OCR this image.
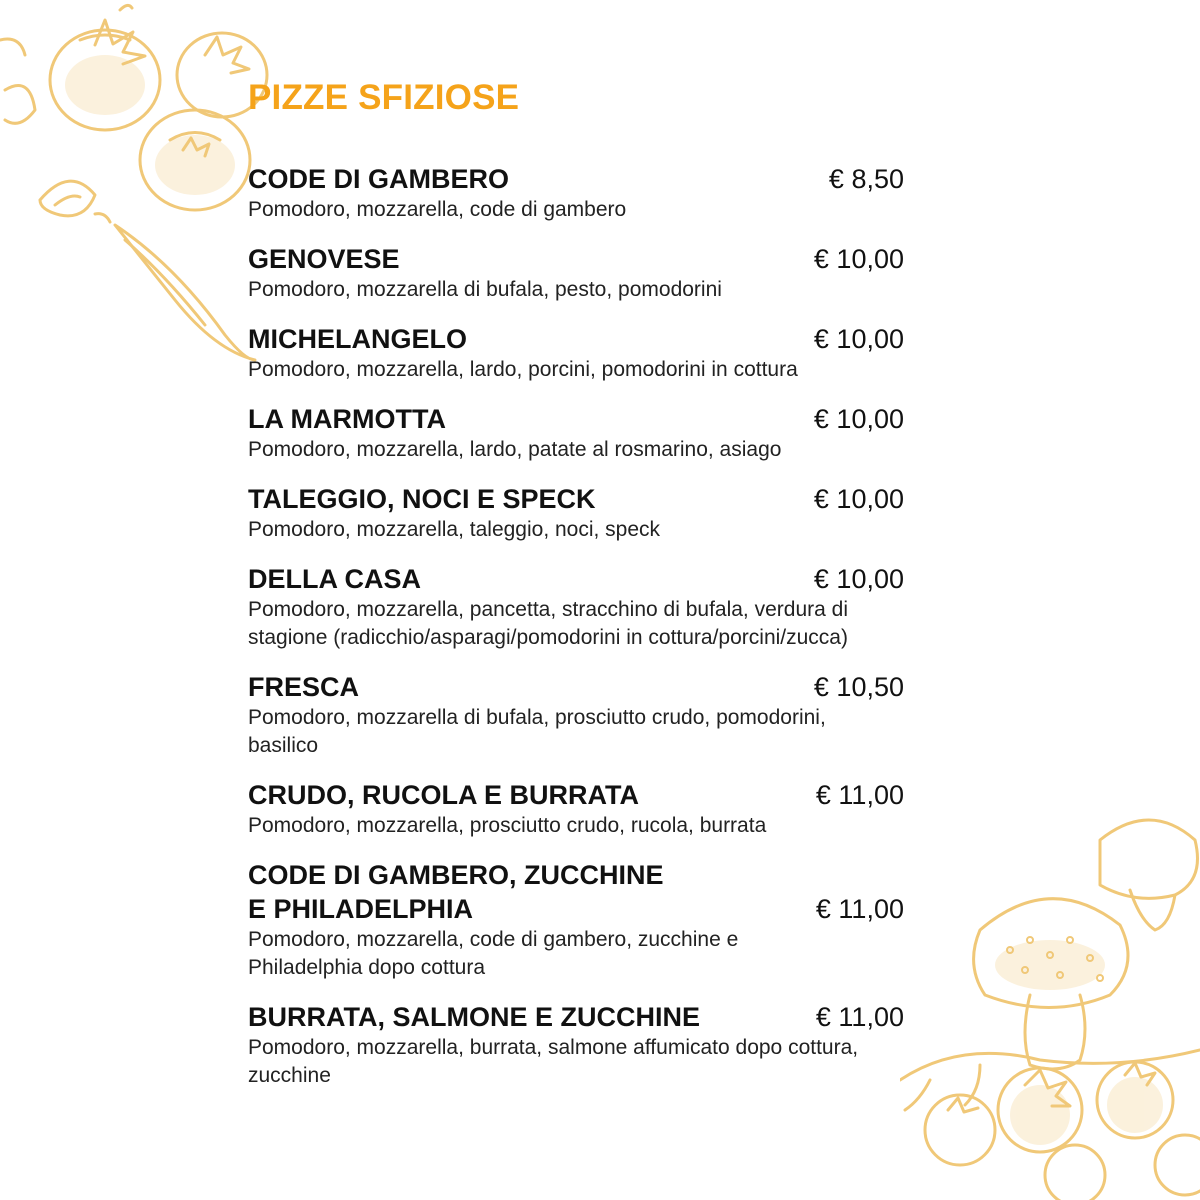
PIZZE SFIZIOSE
CODE DI GAMBERO	€ 8,50
Pomodoro, mozzarella, code di gambero
GENOVESE	€ 10,00
Pomodoro, mozzarella di bufala, pesto, pomodorini
MICHELANGELO	€ 10,00
Pomodoro, mozzarella, lardo, porcini, pomodorini in cottura
LA MARMOTTA	€ 10,00
Pomodoro, mozzarella, lardo, patate al rosmarino, asiago
TALEGGIO, NOCI E SPECK	€ 10,00
Pomodoro, mozzarella, taleggio, noci, speck
DELLA CASA	€ 10,00
Pomodoro, mozzarella, pancetta, stracchino di bufala, verdura di stagione (radicchio/asparagi/pomodorini in cottura/porcini/zucca)
FRESCA	€ 10,50
Pomodoro, mozzarella di bufala, prosciutto crudo, pomodorini, basilico
CRUDO, RUCOLA E BURRATA	€ 11,00
Pomodoro, mozzarella, prosciutto crudo, rucola, burrata
CODE DI GAMBERO, ZUCCHINE
E PHILADELPHIA	€ 11,00
Pomodoro, mozzarella, code di gambero, zucchine e Philadelphia dopo cottura
BURRATA, SALMONE E ZUCCHINE	€ 11,00
Pomodoro, mozzarella, burrata, salmone affumicato dopo cottura, zucchine
